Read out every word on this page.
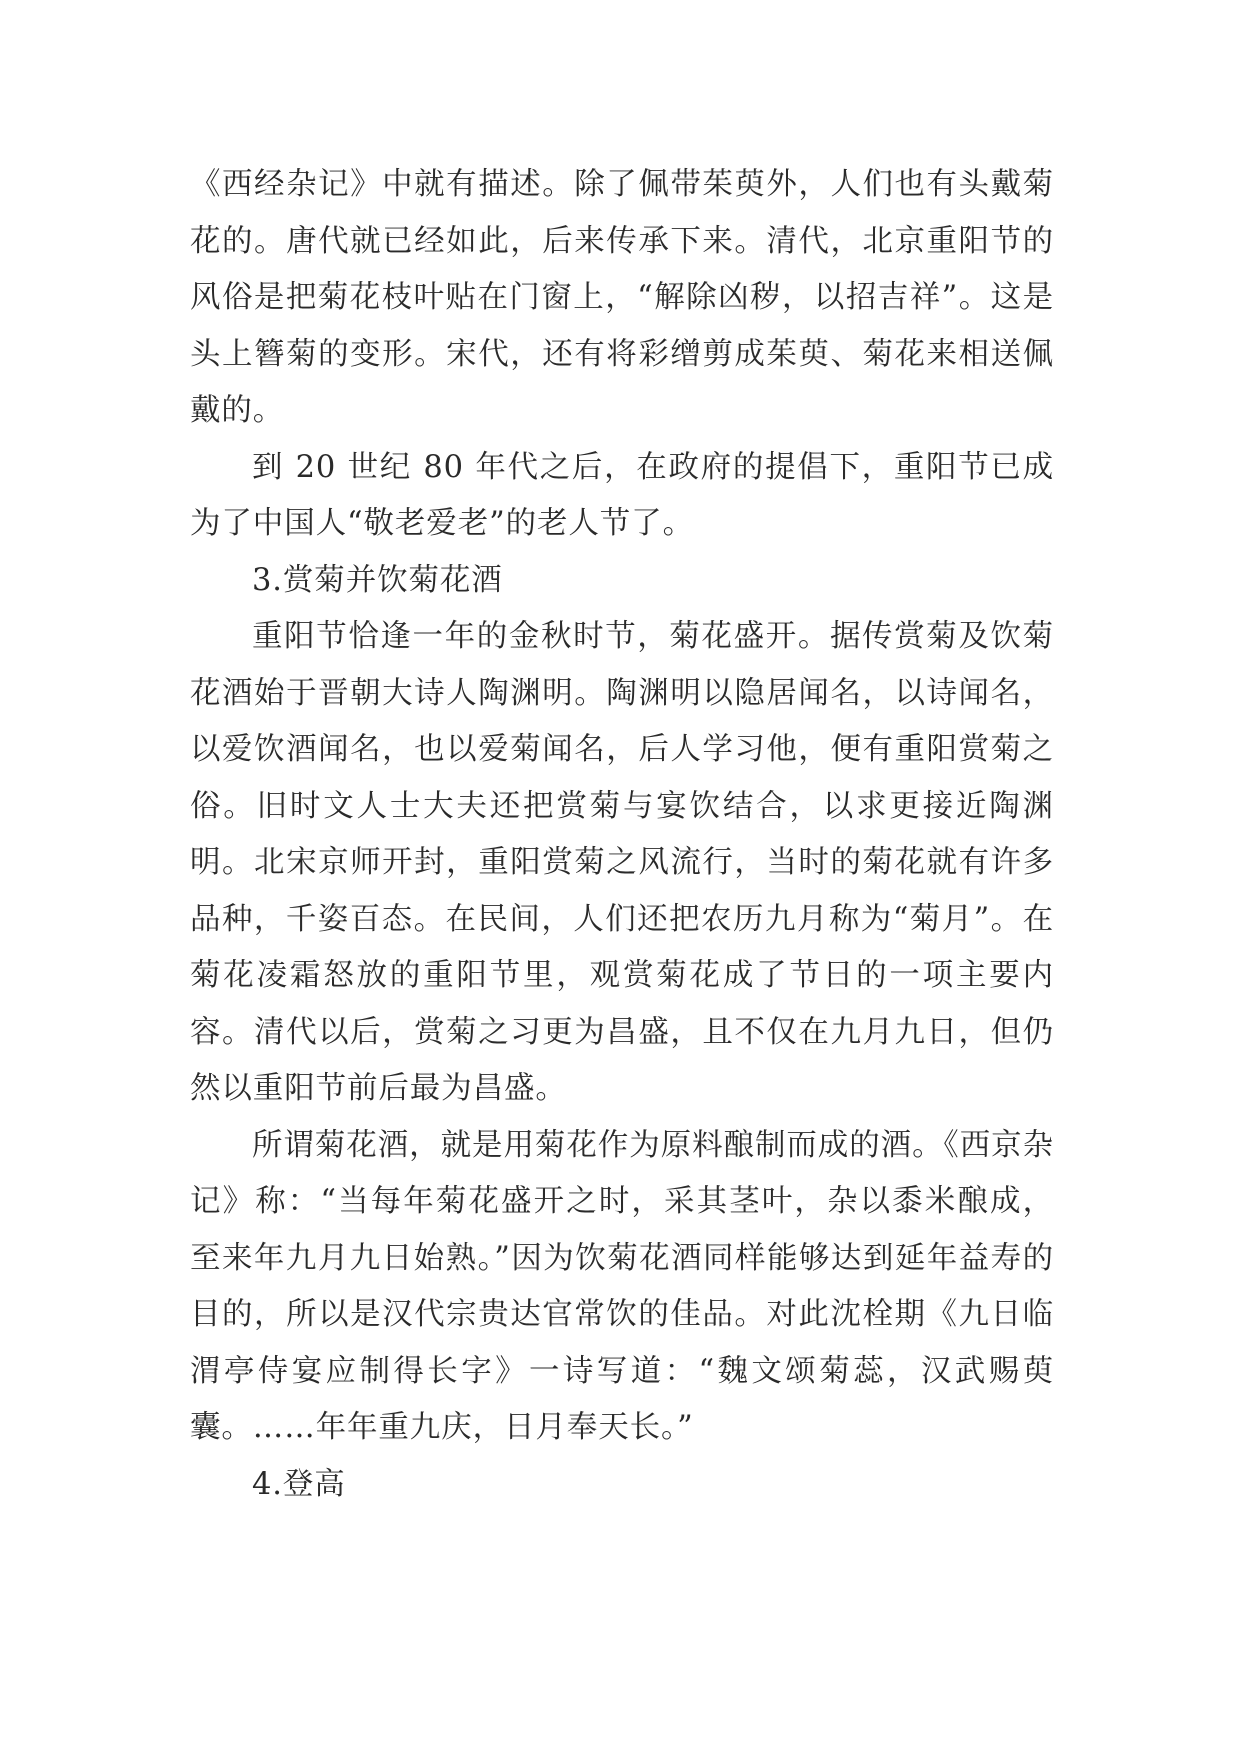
《西经杂记》中就有描述。除了佩带茱萸外，人们也有头戴菊花的。唐代就已经如此，后来传承下来。清代，北京重阳节的风俗是把菊花枝叶贴在门窗上，“解除凶秽，以招吉祥”。这是头上簪菊的变形。宋代，还有将彩缯剪成茱萸、菊花来相送佩戴的。

到 20 世纪 80 年代之后，在政府的提倡下，重阳节已成为了中国人“敬老爱老”的老人节了。

3.赏菊并饮菊花酒

重阳节恰逢一年的金秋时节，菊花盛开。据传赏菊及饮菊花酒始于晋朝大诗人陶渊明。陶渊明以隐居闻名，以诗闻名，以爱饮酒闻名，也以爱菊闻名，后人学习他，便有重阳赏菊之俗。旧时文人士大夫还把赏菊与宴饮结合，以求更接近陶渊明。北宋京师开封，重阳赏菊之风流行，当时的菊花就有许多品种，千姿百态。在民间，人们还把农历九月称为“菊月”。在菊花凌霜怒放的重阳节里，观赏菊花成了节日的一项主要内容。清代以后，赏菊之习更为昌盛，且不仅在九月九日，但仍然以重阳节前后最为昌盛。

所谓菊花酒，就是用菊花作为原料酿制而成的酒。《西京杂记》称：“当每年菊花盛开之时，采其茎叶，杂以黍米酿成，至来年九月九日始熟。”因为饮菊花酒同样能够达到延年益寿的目的，所以是汉代宗贵达官常饮的佳品。对此沈栓期《九日临渭亭侍宴应制得长字》一诗写道：“魏文颂菊蕊，汉武赐萸囊。……年年重九庆，日月奉天长。”

4.登高
